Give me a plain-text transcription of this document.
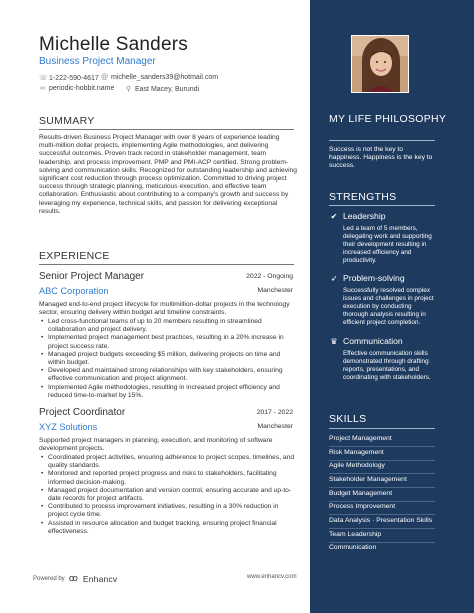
Michelle Sanders
Business Project Manager
☏ 1-222-590-4617 @ michelle_sanders39@hotmail.com
∞ periodic-hobbit.name ⚲ East Macey, Burundi
SUMMARY
Results-driven Business Project Manager with over 8 years of experience leading multi-million dollar projects, implementing Agile methodologies, and delivering successful outcomes. Proven track record in stakeholder management, team leadership, and process improvement. PMP and PMI-ACP certified. Strong problem-solving and communication skills. Recognized for outstanding leadership and achieving significant cost reduction through process optimization. Committed to driving project success through strategic planning, meticulous execution, and effective team collaboration. Enthusiastic about contributing to a company's growth and success by leveraging my experience, technical skills, and passion for delivering exceptional results.
EXPERIENCE
Senior Project Manager	2022 - Ongoing
ABC Corporation	Manchester
Managed end-to-end project lifecycle for multimillion-dollar projects in the technology sector, ensuring delivery within budget and timeline constraints.
• Led cross-functional teams of up to 20 members resulting in streamlined collaboration and project delivery.
• Implemented project management best practices, resulting in a 20% increase in project success rate.
• Managed project budgets exceeding $5 million, delivering projects on time and within budget.
• Developed and maintained strong relationships with key stakeholders, ensuring effective communication and project alignment.
• Implemented Agile methodologies, resulting in increased project efficiency and reduced time-to-market by 15%.
Project Coordinator	2017 - 2022
XYZ Solutions	Manchester
Supported project managers in planning, execution, and monitoring of software development projects.
• Coordinated project activities, ensuring adherence to project scopes, timelines, and quality standards.
• Monitored and reported project progress and risks to stakeholders, facilitating informed decision-making.
• Managed project documentation and version control, ensuring accurate and up-to-date records for project artifacts.
• Contributed to process improvement initiatives, resulting in a 30% reduction in project cycle time.
• Assisted in resource allocation and budget tracking, ensuring project financial effectiveness.
Powered by ꝏ Enhancv	www.enhancv.com
MY LIFE PHILOSOPHY
Success is not the key to happiness. Happiness is the key to success.
STRENGTHS
✔ Leadership
Led a team of 5 members, delegating work and supporting their development resulting in increased efficiency and productivity.
➶ Problem-solving
Successfully resolved complex issues and challenges in project execution by conducting thorough analysis resulting in efficient project completion.
♛ Communication
Effective communication skills demonstrated through drafting reports, presentations, and coordinating with stakeholders.
SKILLS
Project Management
Risk Management
Agile Methodology
Stakeholder Management
Budget Management
Process Improvement
Data Analysis · Presentation Skills
Team Leadership
Communication
